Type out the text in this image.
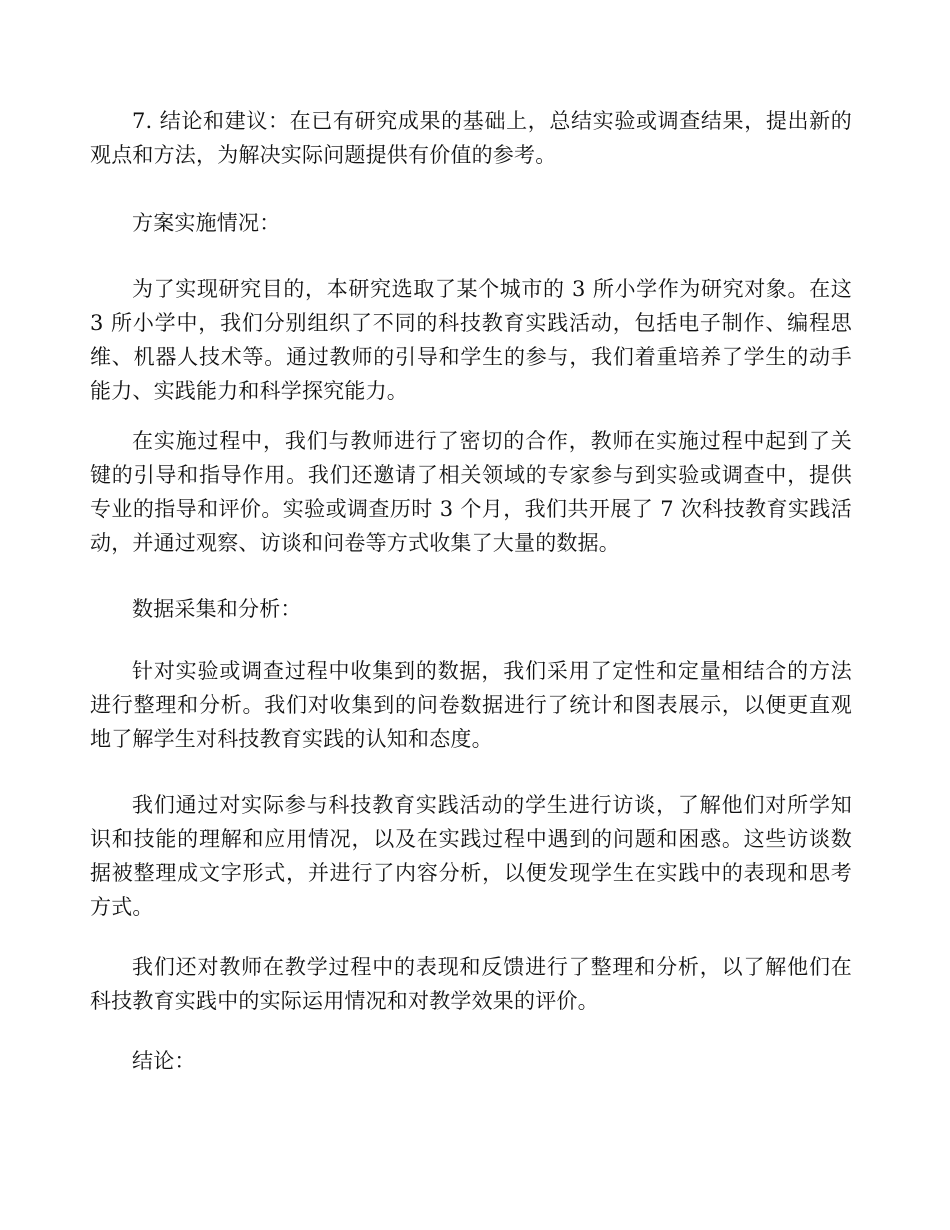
7. 结论和建议：在已有研究成果的基础上，总结实验或调查结果，提出新的观点和方法，为解决实际问题提供有价值的参考。

方案实施情况：

为了实现研究目的，本研究选取了某个城市的 3 所小学作为研究对象。在这 3 所小学中，我们分别组织了不同的科技教育实践活动，包括电子制作、编程思维、机器人技术等。通过教师的引导和学生的参与，我们着重培养了学生的动手能力、实践能力和科学探究能力。

在实施过程中，我们与教师进行了密切的合作，教师在实施过程中起到了关键的引导和指导作用。我们还邀请了相关领域的专家参与到实验或调查中，提供专业的指导和评价。实验或调查历时 3 个月，我们共开展了 7 次科技教育实践活动，并通过观察、访谈和问卷等方式收集了大量的数据。

数据采集和分析：

针对实验或调查过程中收集到的数据，我们采用了定性和定量相结合的方法进行整理和分析。我们对收集到的问卷数据进行了统计和图表展示，以便更直观地了解学生对科技教育实践的认知和态度。

我们通过对实际参与科技教育实践活动的学生进行访谈，了解他们对所学知识和技能的理解和应用情况，以及在实践过程中遇到的问题和困惑。这些访谈数据被整理成文字形式，并进行了内容分析，以便发现学生在实践中的表现和思考方式。

我们还对教师在教学过程中的表现和反馈进行了整理和分析，以了解他们在科技教育实践中的实际运用情况和对教学效果的评价。

结论：
